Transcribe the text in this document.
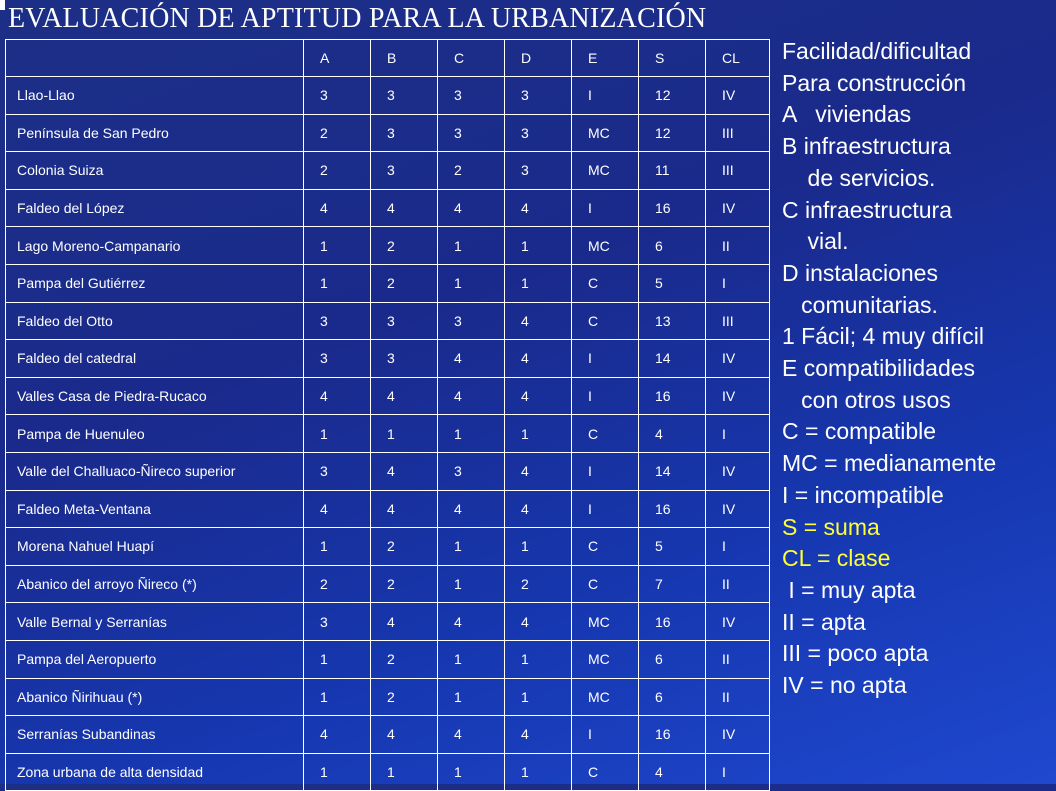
EVALUACIÓN DE APTITUD PARA LA URBANIZACIÓN
	A	B	C	D	E	S	CL
Llao-Llao	3	3	3	3	I	12	IV
Península de San Pedro	2	3	3	3	MC	12	III
Colonia Suiza	2	3	2	3	MC	11	III
Faldeo del López	4	4	4	4	I	16	IV
Lago Moreno-Campanario	1	2	1	1	MC	6	II
Pampa del Gutiérrez	1	2	1	1	C	5	I
Faldeo del Otto	3	3	3	4	C	13	III
Faldeo del catedral	3	3	4	4	I	14	IV
Valles Casa de Piedra-Rucaco	4	4	4	4	I	16	IV
Pampa de Huenuleo	1	1	1	1	C	4	I
Valle del Challuaco-Ñireco superior	3	4	3	4	I	14	IV
Faldeo Meta-Ventana	4	4	4	4	I	16	IV
Morena Nahuel Huapí	1	2	1	1	C	5	I
Abanico del arroyo Ñireco (*)	2	2	1	2	C	7	II
Valle Bernal y Serranías	3	4	4	4	MC	16	IV
Pampa del Aeropuerto	1	2	1	1	MC	6	II
Abanico Ñirihuau (*)	1	2	1	1	MC	6	II
Serranías Subandinas	4	4	4	4	I	16	IV
Zona urbana de alta densidad	1	1	1	1	C	4	I
Facilidad/dificultad
Para construcción
A   viviendas
B infraestructura
de servicios.
C infraestructura
vial.
D instalaciones
comunitarias.
1 Fácil; 4 muy difícil
E compatibilidades
con otros usos
C = compatible
MC = medianamente
I = incompatible
S = suma
CL = clase
I = muy apta
II = apta
III = poco apta
IV = no apta
